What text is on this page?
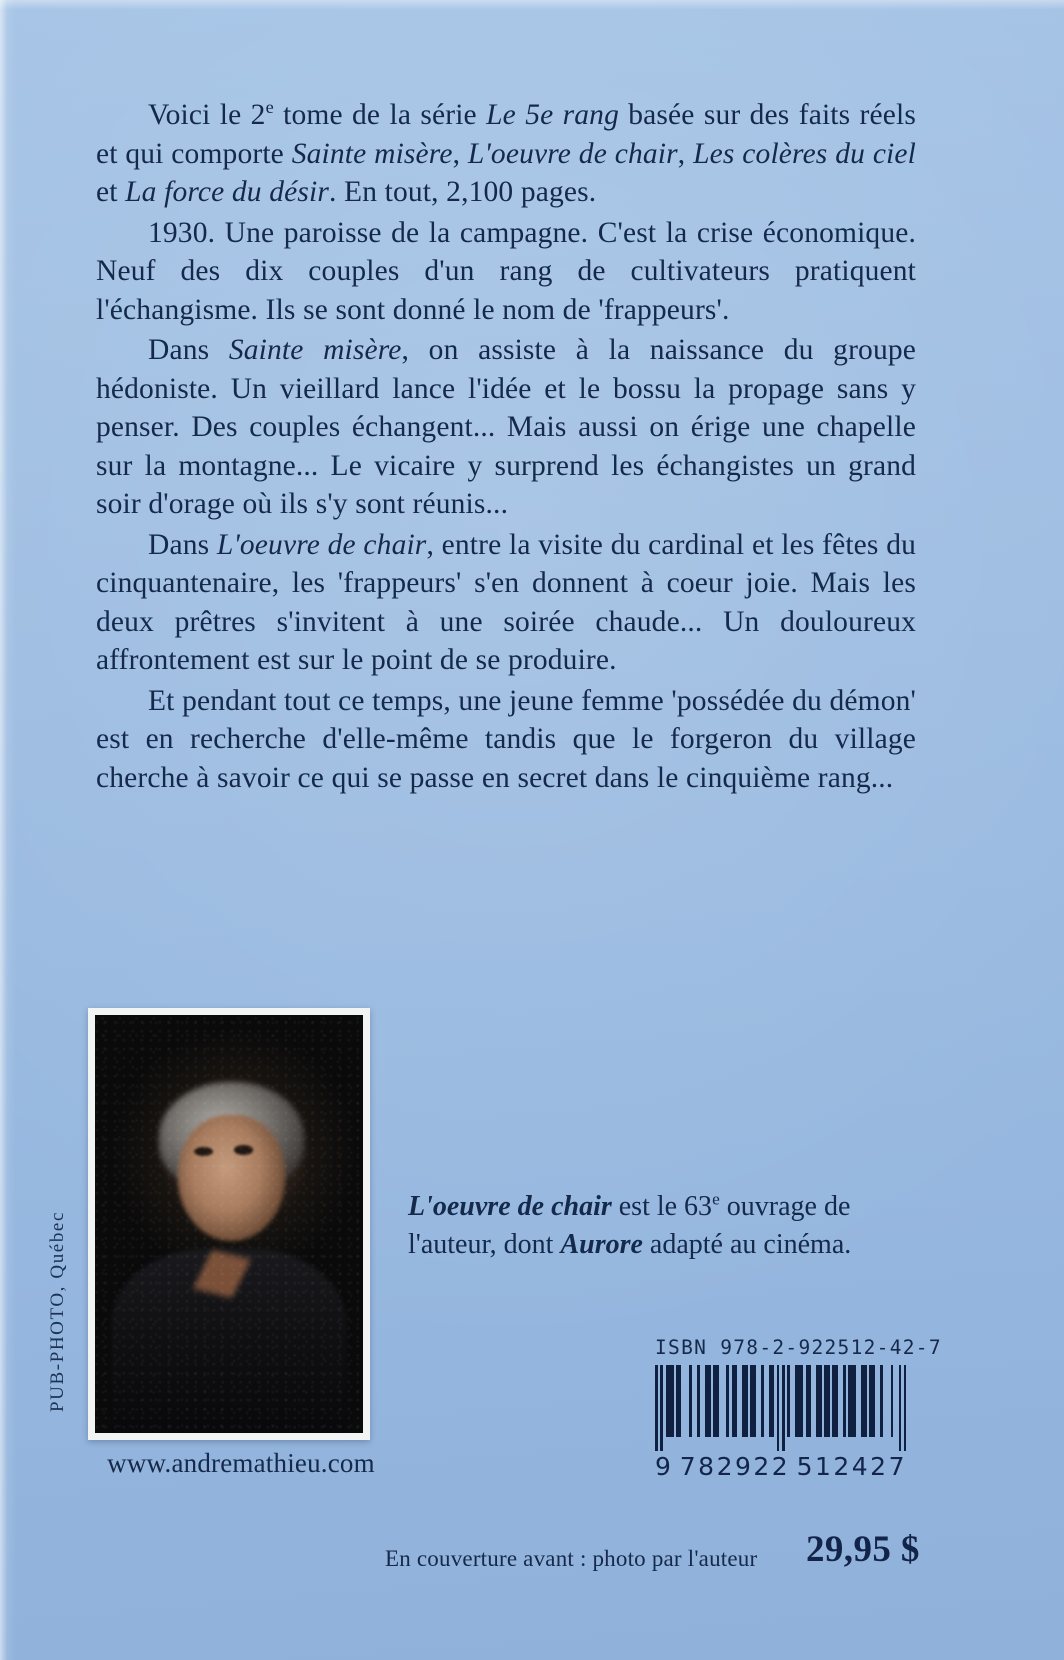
Voici le 2e tome de la série Le 5e rang basée sur des faits réels et qui comporte Sainte misère, L'oeuvre de chair, Les colères du ciel et La force du désir. En tout, 2,100 pages.

1930. Une paroisse de la campagne. C'est la crise économique. Neuf des dix couples d'un rang de cultivateurs pratiquent l'échangisme. Ils se sont donné le nom de 'frappeurs'.

Dans Sainte misère, on assiste à la naissance du groupe hédoniste. Un vieillard lance l'idée et le bossu la propage sans y penser. Des couples échangent... Mais aussi on érige une chapelle sur la montagne... Le vicaire y surprend les échangistes un grand soir d'orage où ils s'y sont réunis...

Dans L'oeuvre de chair, entre la visite du cardinal et les fêtes du cinquantenaire, les 'frappeurs' s'en donnent à coeur joie. Mais les deux prêtres s'invitent à une soirée chaude... Un douloureux affrontement est sur le point de se produire.

Et pendant tout ce temps, une jeune femme 'possédée du démon' est en recherche d'elle-même tandis que le forgeron du village cherche à savoir ce qui se passe en secret dans le cinquième rang...

PUB-PHOTO, Québec
www.andremathieu.com
L'oeuvre de chair est le 63e ouvrage de l'auteur, dont Aurore adapté au cinéma.
ISBN 978-2-922512-42-7
9 782922 512427
En couverture avant : photo par l'auteur 29,95 $
